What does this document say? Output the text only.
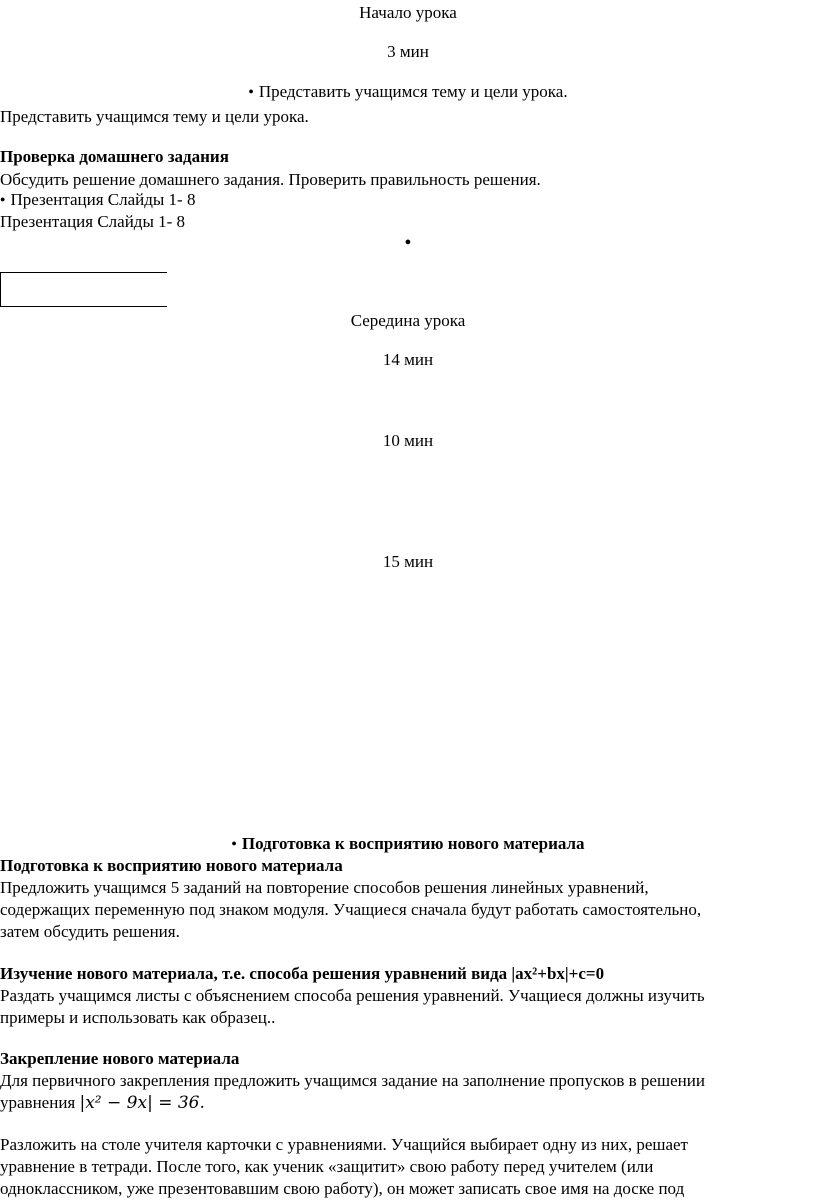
Начало урока
3 мин
● Представить учащимся тему и цели урока.
Представить учащимся тему и цели урока.
Проверка домашнего задания
Обсудить решение домашнего задания. Проверить правильность решения.
● Презентация Слайды 1- 8
Презентация Слайды 1- 8
●
Середина урока
14 мин
10 мин
15 мин
● Подготовка к восприятию нового материала
Подготовка к восприятию нового материала
Предложить учащимся 5 заданий на повторение способов решения линейных уравнений,
содержащих переменную под знаком модуля. Учащиеся сначала будут работать самостоятельно,
затем обсудить решения.
Изучение нового материала, т.е. способа решения уравнений вида |ax²+bx|+c=0
Раздать учащимся листы с объяснением способа решения уравнений. Учащиеся должны изучить
примеры и использовать как образец..
Закрепление нового материала
Для первичного закрепления предложить учащимся задание на заполнение пропусков в решении
уравнения |x² − 9x| = 36.
Разложить на столе учителя карточки с уравнениями. Учащийся выбирает одну из них, решает
уравнение в тетради. После того, как ученик «защитит» свою работу перед учителем (или
одноклассником, уже презентовавшим свою работу), он может записать свое имя на доске под
